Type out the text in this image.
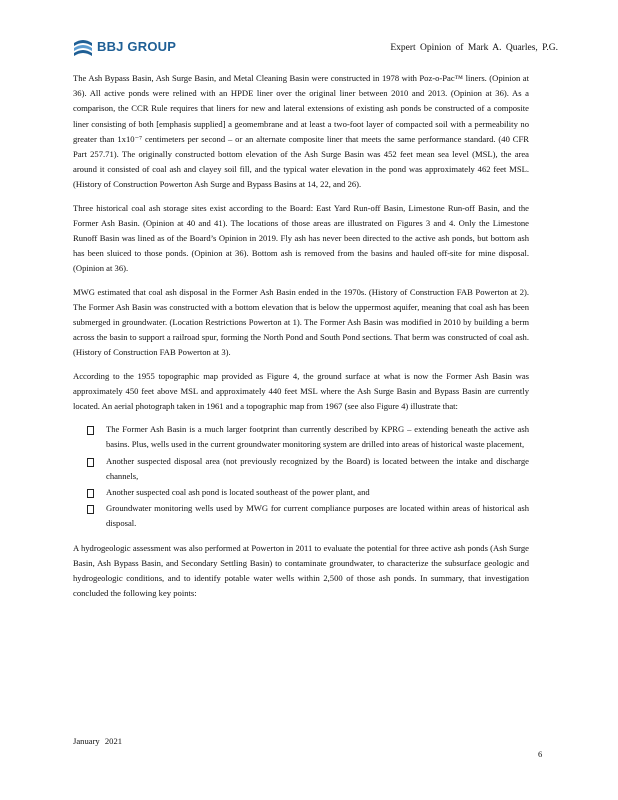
BBJ GROUP	Expert Opinion of Mark A. Quarles, P.G.

The Ash Bypass Basin, Ash Surge Basin, and Metal Cleaning Basin were constructed in 1978 with Poz-o-Pac™ liners. (Opinion at 36). All active ponds were relined with an HPDE liner over the original liner between 2010 and 2013. (Opinion at 36). As a comparison, the CCR Rule requires that liners for new and lateral extensions of existing ash ponds be constructed of a composite liner consisting of both [emphasis supplied] a geomembrane and at least a two-foot layer of compacted soil with a permeability no greater than 1x10⁻⁷ centimeters per second – or an alternate composite liner that meets the same performance standard. (40 CFR Part 257.71). The originally constructed bottom elevation of the Ash Surge Basin was 452 feet mean sea level (MSL), the area around it consisted of coal ash and clayey soil fill, and the typical water elevation in the pond was approximately 462 feet MSL. (History of Construction Powerton Ash Surge and Bypass Basins at 14, 22, and 26).

Three historical coal ash storage sites exist according to the Board: East Yard Run-off Basin, Limestone Run-off Basin, and the Former Ash Basin. (Opinion at 40 and 41). The locations of those areas are illustrated on Figures 3 and 4. Only the Limestone Runoff Basin was lined as of the Board’s Opinion in 2019. Fly ash has never been directed to the active ash ponds, but bottom ash has been sluiced to those ponds. (Opinion at 36). Bottom ash is removed from the basins and hauled off-site for mine disposal. (Opinion at 36).

MWG estimated that coal ash disposal in the Former Ash Basin ended in the 1970s. (History of Construction FAB Powerton at 2). The Former Ash Basin was constructed with a bottom elevation that is below the uppermost aquifer, meaning that coal ash has been submerged in groundwater. (Location Restrictions Powerton at 1). The Former Ash Basin was modified in 2010 by building a berm across the basin to support a railroad spur, forming the North Pond and South Pond sections. That berm was constructed of coal ash. (History of Construction FAB Powerton at 3).

According to the 1955 topographic map provided as Figure 4, the ground surface at what is now the Former Ash Basin was approximately 450 feet above MSL and approximately 440 feet MSL where the Ash Surge Basin and Bypass Basin are currently located. An aerial photograph taken in 1961 and a topographic map from 1967 (see also Figure 4) illustrate that:

The Former Ash Basin is a much larger footprint than currently described by KPRG – extending beneath the active ash basins. Plus, wells used in the current groundwater monitoring system are drilled into areas of historical waste placement,
Another suspected disposal area (not previously recognized by the Board) is located between the intake and discharge channels,
Another suspected coal ash pond is located southeast of the power plant, and
Groundwater monitoring wells used by MWG for current compliance purposes are located within areas of historical ash disposal.

A hydrogeologic assessment was also performed at Powerton in 2011 to evaluate the potential for three active ash ponds (Ash Surge Basin, Ash Bypass Basin, and Secondary Settling Basin) to contaminate groundwater, to characterize the subsurface geologic and hydrogeologic conditions, and to identify potable water wells within 2,500 of those ash ponds. In summary, that investigation concluded the following key points:

January 2021
6
